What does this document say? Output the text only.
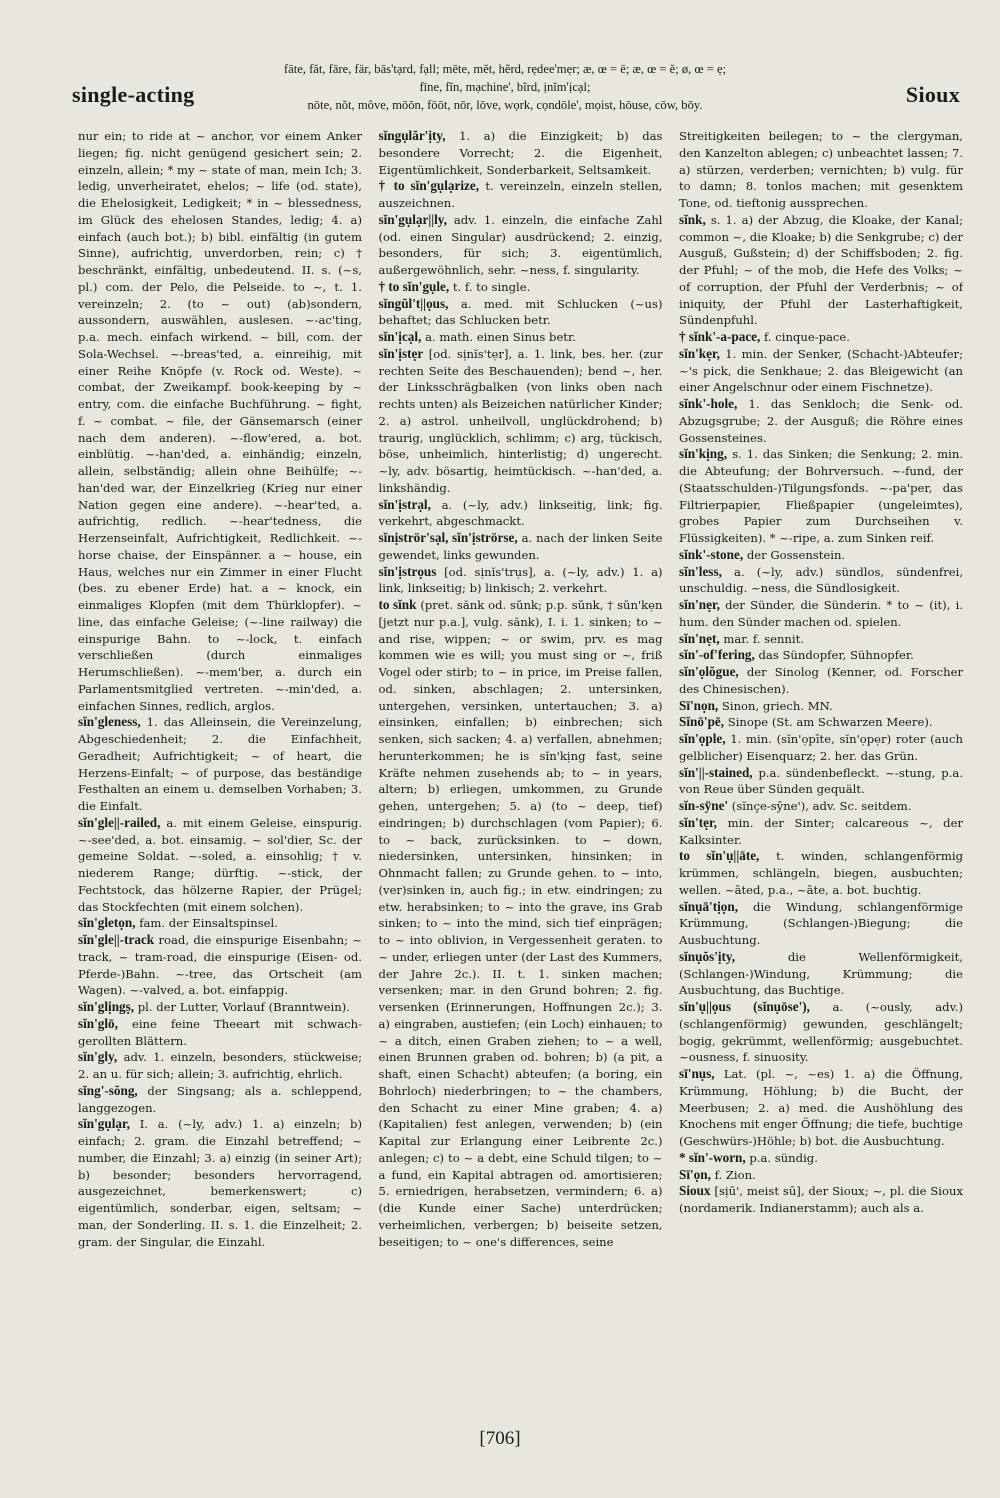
single-acting
fāte, făt, fāre, fär, bās'tạrd, fạll; mēte, mĕt, hẽrd, rẹdee'mẹr; æ, œ = ē; æ, œ = ĕ; ø, œ = ẹ;
fīne, fĭn, mạchine', bĩrd, ịnĭm'ịcạl;
nōte, nŏt, môve, mōōn, fōōt, nōr, lōve, wọrk, cọndōle', mọist, hōuse, cōw, bōy.	Sioux

nur ein; to ride at ~ anchor, vor einem Anker liegen; fig. nicht genügend gesichert sein; 2. einzeln, allein; * my ~ state of man, mein Ich; 3. ledig, unverheiratet, ehelos; ~ life (od. state), die Ehelosigkeit, Ledigkeit; * in ~ blessedness, im Glück des ehelosen Standes, ledig; 4. a) einfach (auch bot.); b) bibl. einfältig (in gutem Sinne), aufrichtig, unverdorben, rein; c) † beschränkt, einfältig, unbedeutend. II. s. (~s, pl.) com. der Pelo, die Pelseide. to ~, t. 1. vereinzeln; 2. (to ~ out) (ab)sondern, aussondern, auswählen, auslesen. ~-ac'ting, p.a. mech. einfach wirkend. ~ bill, com. der Sola-Wechsel. ~-breas'ted, a. einreihig, mit einer Reihe Knöpfe (v. Rock od. Weste). ~ combat, der Zweikampf. book-keeping by ~ entry, com. die einfache Buchführung. ~ fight, f. ~ combat. ~ file, der Gänsemarsch (einer nach dem anderen). ~-flow'ered, a. bot. einblütig. ~-han'ded, a. einhändig; einzeln, allein, selbständig; allein ohne Beihülfe; ~-han'ded war, der Einzelkrieg (Krieg nur einer Nation gegen eine andere). ~-hear'ted, a. aufrichtig, redlich. ~-hear'tedness, die Herzenseinfalt, Aufrichtigkeit, Redlichkeit. ~-horse chaise, der Einspänner. a ~ house, ein Haus, welches nur ein Zimmer in einer Flucht (bes. zu ebener Erde) hat. a ~ knock, ein einmaliges Klopfen (mit dem Thürklopfer). ~ line, das einfache Geleise; (~-line railway) die einspurige Bahn. to ~-lock, t. einfach verschließen (durch einmaliges Herumschließen). ~-mem'ber, a. durch ein Parlamentsmitglied vertreten. ~-min'ded, a. einfachen Sinnes, redlich, arglos.

sĭn'gleness, 1. das Alleinsein, die Vereinzelung, Abgeschiedenheit; 2. die Einfachheit, Geradheit; Aufrichtigkeit; ~ of heart, die Herzens-Einfalt; ~ of purpose, das beständige Festhalten an einem u. demselben Vorhaben; 3. die Einfalt.

sĭn'gle||-railed, a. mit einem Geleise, einspurig. ~-see'ded, a. bot. einsamig. ~ sol'dier, Sc. der gemeine Soldat. ~-soled, a. einsohlig; † v. niederem Range; dürftig. ~-stick, der Fechtstock, das hölzerne Rapier, der Prügel; das Stockfechten (mit einem solchen).

sĭn'gletọn, fam. der Einsaltspinsel.

sĭn'gle||-track road, die einspurige Eisenbahn; ~ track, ~ tram-road, die einspurige (Eisen- od. Pferde-)Bahn. ~-tree, das Ortscheit (am Wagen). ~-valved, a. bot. einfappig.

sĭn'glịngṣ, pl. der Lutter, Vorlauf (Branntwein).

sĭn'glō, eine feine Theeart mit schwach-gerollten Blättern.

sĭn'gly, adv. 1. einzeln, besonders, stückweise; 2. an u. für sich; allein; 3. aufrichtig, ehrlich.

sĭng'-sŏng, der Singsang; als a. schleppend, langgezogen.

sĭn'gụlạr, I. a. (~ly, adv.) 1. a) einzeln; b) einfach; 2. gram. die Einzahl betreffend; ~ number, die Einzahl; 3. a) einzig (in seiner Art); b) besonder; besonders hervorragend, ausgezeichnet, bemerkenswert; c) eigentümlich, sonderbar, eigen, seltsam; ~ man, der Sonderling. II. s. 1. die Einzelheit; 2. gram. der Singular, die Einzahl.

sĭngụlăr'ịty, 1. a) die Einzigkeit; b) das besondere Vorrecht; 2. die Eigenheit, Eigentümlichkeit, Sonderbarkeit, Seltsamkeit.

† to sĭn'gụlạrize, t. vereinzeln, einzeln stellen, auszeichnen.

sĭn'gụlạr||ly, adv. 1. einzeln, die einfache Zahl (od. einen Singular) ausdrückend; 2. einzig, besonders, für sich; 3. eigentümlich, außergewöhnlich, sehr. ~ness, f. singularity.

† to sĭn'gụle, t. f. to single.

sĭngŭl't||ọus, a. med. mit Schlucken (~us) behaftet; das Schlucken betr.

sĭn'ịcạl, a. math. einen Sinus betr.

sĭn'ịstẹr [od. sịnĭs'tẹr], a. 1. link, bes. her. (zur rechten Seite des Beschauenden); bend ~, her. der Linksschrägbalken (von links oben nach rechts unten) als Beizeichen natürlicher Kinder; 2. a) astrol. unheilvoll, unglückdrohend; b) traurig, unglücklich, schlimm; c) arg, tückisch, böse, unheimlich, hinterlistig; d) ungerecht. ~ly, adv. bösartig, heimtückisch. ~-han'ded, a. linkshändig.

sĭn'ịstrạl, a. (~ly, adv.) linkseitig, link; fig. verkehrt, abgeschmackt.

sĭnịströr'sạl, sĭn'ịströrse, a. nach der linken Seite gewendet, links gewunden.

sĭn'ịstrọus [od. sịnĭs'trụs], a. (~ly, adv.) 1. a) link, linkseitig; b) linkisch; 2. verkehrt.

to sĭnk (pret. sănk od. sŭnk; p.p. sŭnk, † sŭn'kẹn [jetzt nur p.a.], vulg. sănk), I. i. 1. sinken; to ~ and rise, wippen; ~ or swim, prv. es mag kommen wie es will; you must sing or ~, friß Vogel oder stirb; to ~ in price, im Preise fallen, od. sinken, abschlagen; 2. untersinken, untergehen, versinken, untertauchen; 3. a) einsinken, einfallen; b) einbrechen; sich senken, sich sacken; 4. a) verfallen, abnehmen; herunterkommen; he is sĭn'kịng fast, seine Kräfte nehmen zusehends ab; to ~ in years, altern; b) erliegen, umkommen, zu Grunde gehen, untergehen; 5. a) (to ~ deep, tief) eindringen; b) durchschlagen (vom Papier); 6. to ~ back, zurücksinken. to ~ down, niedersinken, untersinken, hinsinken; in Ohnmacht fallen; zu Grunde gehen. to ~ into, (ver)sinken in, auch fig.; in etw. eindringen; zu etw. herabsinken; to ~ into the grave, ins Grab sinken; to ~ into the mind, sich tief einprägen; to ~ into oblivion, in Vergessenheit geraten. to ~ under, erliegen unter (der Last des Kummers, der Jahre 2c.). II. t. 1. sinken machen; versenken; mar. in den Grund bohren; 2. fig. versenken (Erinnerungen, Hoffnungen 2c.); 3. a) eingraben, austiefen; (ein Loch) einhauen; to ~ a ditch, einen Graben ziehen; to ~ a well, einen Brunnen graben od. bohren; b) (a pit, a shaft, einen Schacht) abteufen; (a boring, ein Bohrloch) niederbringen; to ~ the chambers, den Schacht zu einer Mine graben; 4. a) (Kapitalien) fest anlegen, verwenden; b) (ein Kapital zur Erlangung einer Leibrente 2c.) anlegen; c) to ~ a debt, eine Schuld tilgen; to ~ a fund, ein Kapital abtragen od. amortisieren; 5. erniedrigen, herabsetzen, vermindern; 6. a) (die Kunde einer Sache) unterdrücken; verheimlichen, verbergen; b) beiseite setzen, beseitigen; to ~ one's differences, seine

Streitigkeiten beilegen; to ~ the clergyman, den Kanzelton ablegen; c) unbeachtet lassen; 7. a) stürzen, verderben; vernichten; b) vulg. für to damn; 8. tonlos machen; mit gesenktem Tone, od. tieftonig aussprechen.

sĭnk, s. 1. a) der Abzug, die Kloake, der Kanal; common ~, die Kloake; b) die Senkgrube; c) der Ausguß, Gußstein; d) der Schiffsboden; 2. fig. der Pfuhl; ~ of the mob, die Hefe des Volks; ~ of corruption, der Pfuhl der Verderbnis; ~ of iniquity, der Pfuhl der Lasterhaftigkeit, Sündenpfuhl.

† sĭnk'-a-pace, f. cinque-pace.

sĭn'kẹr, 1. min. der Senker, (Schacht-)Abteufer; ~'s pick, die Senkhaue; 2. das Bleigewicht (an einer Angelschnur oder einem Fischnetze).

sĭnk'-hole, 1. das Senkloch; die Senk- od. Abzugsgrube; 2. der Ausguß; die Röhre eines Gossensteines.

sĭn'kịng, s. 1. das Sinken; die Senkung; 2. min. die Abteufung; der Bohrversuch. ~-fund, der (Staatsschulden-)Tilgungsfonds. ~-pa'per, das Filtrierpapier, Fließpapier (ungeleimtes), grobes Papier zum Durchseihen v. Flüssigkeiten). * ~-ripe, a. zum Sinken reif.

sĭnk'-stone, der Gossenstein.

sĭn'less, a. (~ly, adv.) sündlos, sündenfrei, unschuldig. ~ness, die Sündlosigkeit.

sĭn'nẹr, der Sünder, die Sünderin. * to ~ (it), i. hum. den Sünder machen od. spielen.

sĭn'nẹt, mar. f. sennit.

sĭn'-of'fering, das Sündopfer, Sühnopfer.

sĭn'ọlŏgue, der Sinolog (Kenner, od. Forscher des Chinesischen).

Sī'nọn, Sinon, griech. MN.

Sĭnō'pē, Sinope (St. am Schwarzen Meere).

sĭn'ọple, 1. min. (sĭn'ọpīte, sĭn'ọpẹr) roter (auch gelblicher) Eisenquarz; 2. her. das Grün.

sĭn'||-stained, p.a. sündenbefleckt. ~-stung, p.a. von Reue über Sünden gequält.

sĭn-sȳne' (sĭnçe-sȳne'), adv. Sc. seitdem.

sĭn'tẹr, min. der Sinter; calcareous ~, der Kalksinter.

to sĭn'ụ||āte, t. winden, schlangenförmig krümmen, schlängeln, biegen, ausbuchten; wellen. ~āted, p.a., ~āte, a. bot. buchtig.

sĭnụā'tịọn, die Windung, schlangenförmige Krümmung, (Schlangen-)Biegung; die Ausbuchtung.

sĭnụŏs'ịty,	die Wellenförmigkeit, (Schlangen-)Windung, Krümmung; die Ausbuchtung, das Buchtige.

sĭn'ụ||ọus (sĭnụōse'), a. (~ously, adv.) (schlangenförmig) gewunden, geschlängelt; bogig, gekrümmt, wellenförmig; ausgebuchtet. ~ousness, f. sinuosity.

sī'nụs, Lat. (pl. ~, ~es) 1. a) die Öffnung, Krümmung, Höhlung; b) die Bucht, der Meerbusen; 2. a) med. die Aushöhlung des Knochens mit enger Öffnung; die tiefe, buchtige (Geschwürs-)Höhle; b) bot. die Ausbuchtung.

* sĭn'-worn, p.a. sündig.

Sī'ọn, f. Zion.

Sioux [sịū', meist sū], der Sioux; ~, pl. die Sioux (nordamerik. Indianerstamm); auch als a.

[706]
